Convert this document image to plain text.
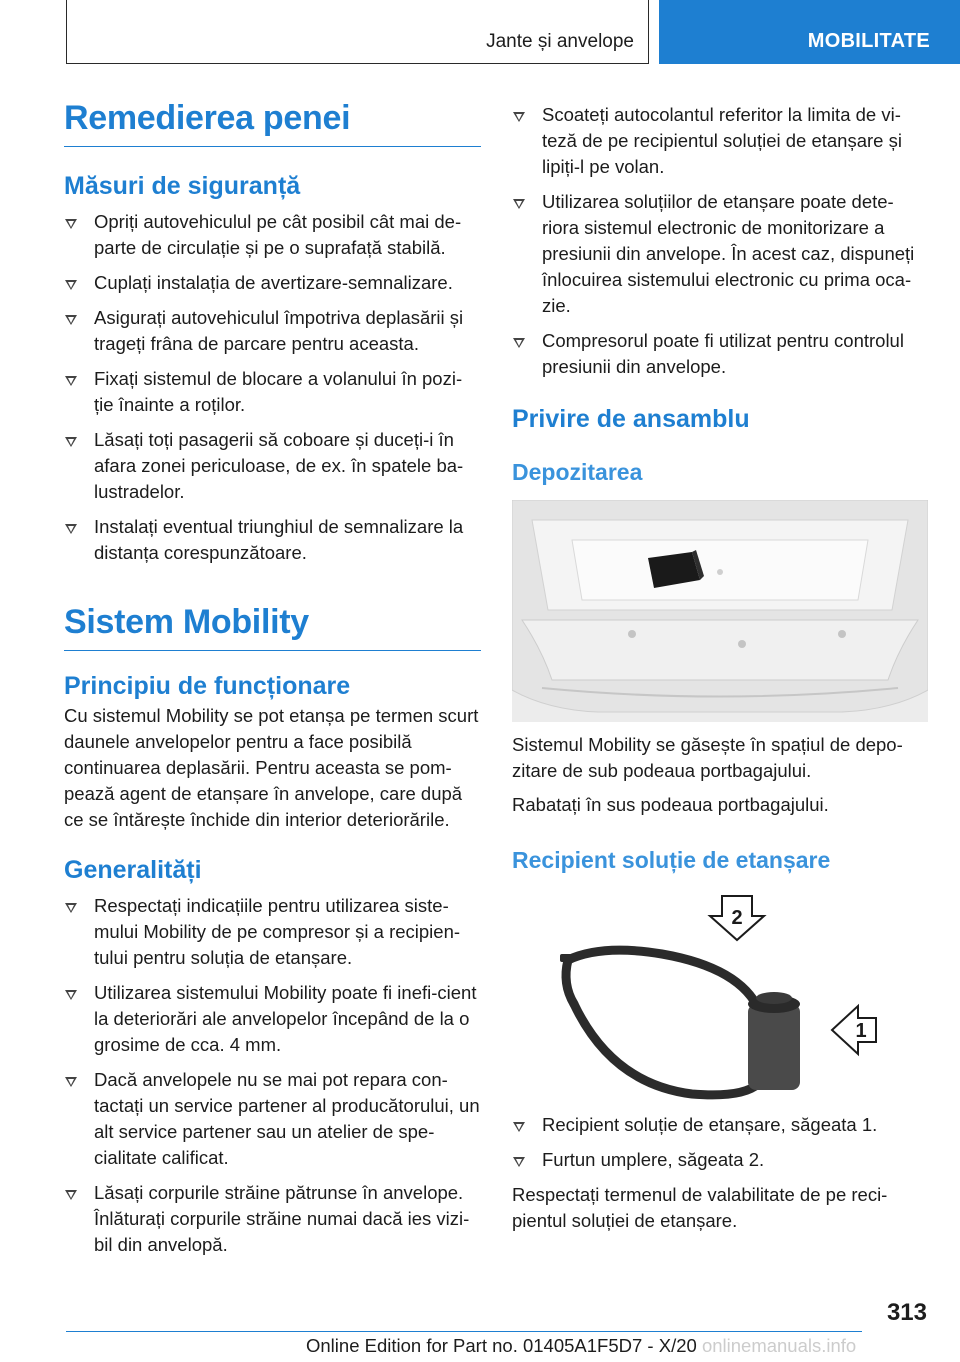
Jante și anvelope	MOBILITATE
Remedierea penei
Măsuri de siguranță
Opriți autovehiculul pe cât posibil cât mai de-parte de circulație și pe o suprafață stabilă.
Cuplați instalația de avertizare-semnalizare.
Asigurați autovehiculul împotriva deplasării și trageți frâna de parcare pentru aceasta.
Fixați sistemul de blocare a volanului în pozi-ție înainte a roților.
Lăsați toți pasagerii să coboare și duceți-i în afara zonei periculoase, de ex. în spatele ba-lustradelor.
Instalați eventual triunghiul de semnalizare la distanța corespunzătoare.
Sistem Mobility
Principiu de funcționare

Cu sistemul Mobility se pot etanșa pe termen scurt daunele anvelopelor pentru a face posibilă continuarea deplasării. Pentru aceasta se pom-pează agent de etanșare în anvelope, care după ce se întărește închide din interior deteriorările.

Generalități
Respectați indicațiile pentru utilizarea siste-mului Mobility de pe compresor și a recipien-tului pentru soluția de etanșare.
Utilizarea sistemului Mobility poate fi inefi-cient la deteriorări ale anvelopelor începând de la o grosime de cca. 4 mm.
Dacă anvelopele nu se mai pot repara con-tactați un service partener al producătorului, un alt service partener sau un atelier de spe-cialitate calificat.
Lăsați corpurile străine pătrunse în anvelope. Înlăturați corpurile străine numai dacă ies vizi-bil din anvelopă.
Scoateți autocolantul referitor la limita de vi-teză de pe recipientul soluției de etanșare și lipiți-l pe volan.
Utilizarea soluțiilor de etanșare poate dete-riora sistemul electronic de monitorizare a presiunii din anvelope. În acest caz, dispuneți înlocuirea sistemului electronic cu prima oca-zie.
Compresorul poate fi utilizat pentru controlul presiunii din anvelope.
Privire de ansamblu
Depozitarea

Sistemul Mobility se găsește în spațiul de depo-zitare de sub podeaua portbagajului.

Rabatați în sus podeaua portbagajului.

Recipient soluție de etanșare
2
1
Recipient soluție de etanșare, săgeata 1.
Furtun umplere, săgeata 2.

Respectați termenul de valabilitate de pe reci-pientul soluției de etanșare.

313
Online Edition for Part no. 01405A1F5D7 - X/20 onlinemanuals.info
